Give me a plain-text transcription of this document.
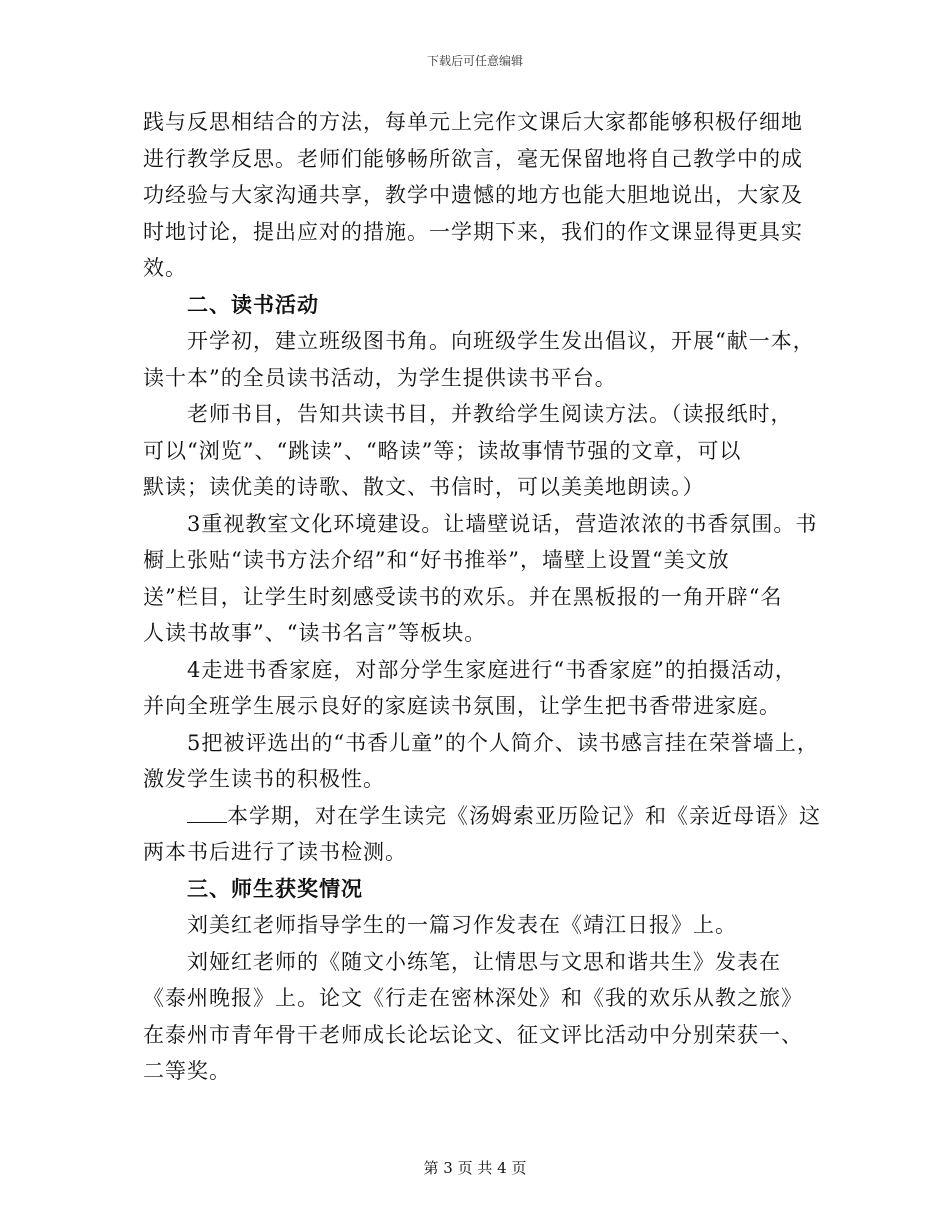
下载后可任意编辑
践与反思相结合的方法，每单元上完作文课后大家都能够积极仔细地
进行教学反思。老师们能够畅所欲言，毫无保留地将自己教学中的成
功经验与大家沟通共享，教学中遗憾的地方也能大胆地说出，大家及
时地讨论，提出应对的措施。一学期下来，我们的作文课显得更具实
效。
二、读书活动
开学初，建立班级图书角。向班级学生发出倡议，开展“献一本，
读十本”的全员读书活动，为学生提供读书平台。
老师书目，告知共读书目，并教给学生阅读方法。（读报纸时，
可以“浏览”、“跳读”、“略读”等；读故事情节强的文章，可以
默读；读优美的诗歌、散文、书信时，可以美美地朗读。）
3重视教室文化环境建设。让墙壁说话，营造浓浓的书香氛围。书
橱上张贴“读书方法介绍”和“好书推举”，墙壁上设置“美文放
送”栏目，让学生时刻感受读书的欢乐。并在黑板报的一角开辟“名
人读书故事”、“读书名言”等板块。
4走进书香家庭，对部分学生家庭进行“书香家庭”的拍摄活动，
并向全班学生展示良好的家庭读书氛围，让学生把书香带进家庭。
5把被评选出的“书香儿童”的个人简介、读书感言挂在荣誉墙上，
激发学生读书的积极性。
本学期，对在学生读完《汤姆索亚历险记》和《亲近母语》这
两本书后进行了读书检测。
三、师生获奖情况
刘美红老师指导学生的一篇习作发表在《靖江日报》上。
刘娅红老师的《随文小练笔，让情思与文思和谐共生》发表在
《泰州晚报》上。论文《行走在密林深处》和《我的欢乐从教之旅》
在泰州市青年骨干老师成长论坛论文、征文评比活动中分别荣获一、
二等奖。
第 3 页 共 4 页
